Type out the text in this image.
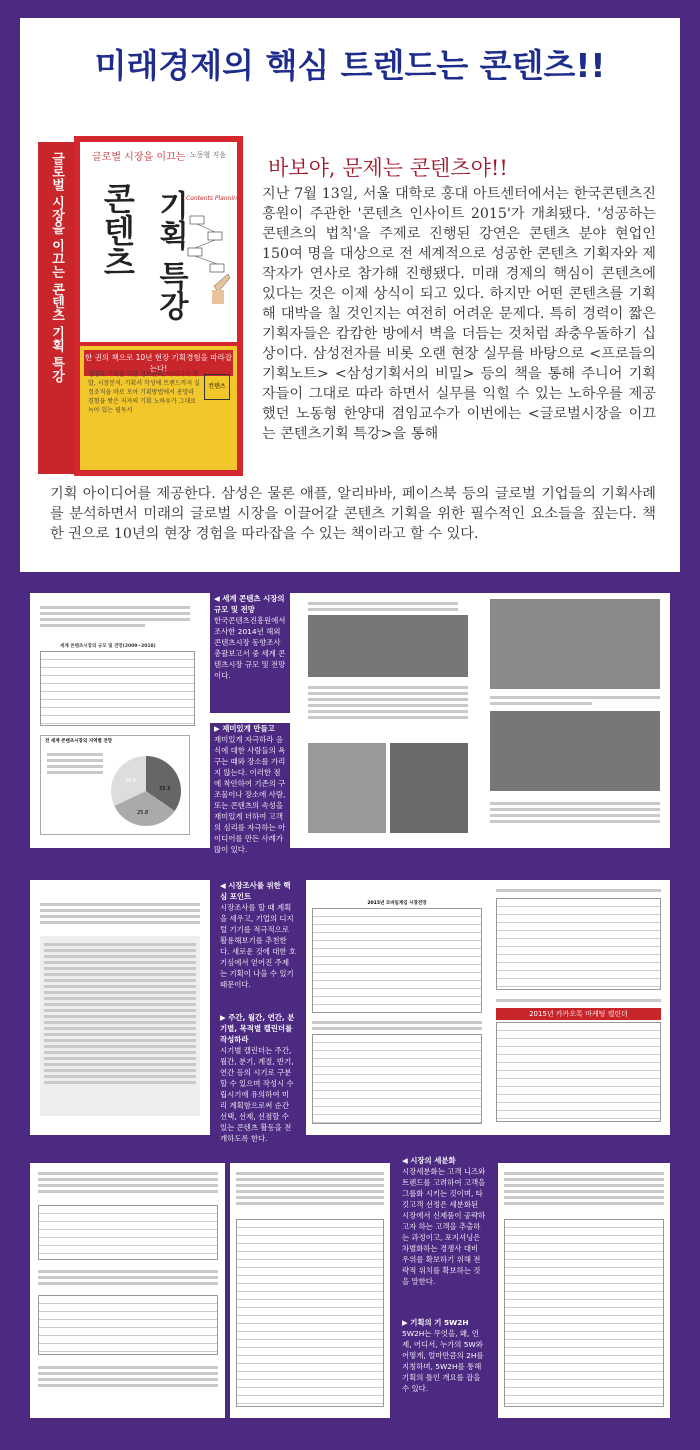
미래경제의 핵심 트렌드는 콘텐츠!!
글로벌 시장을 이끄는 콘텐츠 기획 특강	글로벌 시장을 이끄는 노동형 지음
콘텐츠 기획 특강
Contents Planning
한 권의 책으로 10년 현장 기획경험을 따라잡는다!
경영과 기획을 위한 정보관리, 아이디어 개발, 시장분석, 기획서 작성에 트렌드까지 실정조직을 바로 모아 기획방법에서 총망라 경험을 쌓은 저자의 기획 노하우가 그대로 녹아 있는 필독서
컨텐츠
바보야, 문제는 콘텐츠야!!
지난 7월 13일, 서울 대학로 홍대 아트센터에서는 한국콘텐츠진흥원이 주관한 '콘텐츠 인사이트 2015'가 개최됐다. '성공하는 콘텐츠의 법칙'을 주제로 진행된 강연은 콘텐츠 분야 현업인 150여 명을 대상으로 전 세계적으로 성공한 콘텐츠 기획자와 제작자가 연사로 참가해 진행됐다. 미래 경제의 핵심이 콘텐츠에 있다는 것은 이제 상식이 되고 있다. 하지만 어떤 콘텐츠를 기획해 대박을 칠 것인지는 여전히 어려운 문제다. 특히 경력이 짧은 기획자들은 캄캄한 방에서 벽을 더듬는 것처럼 좌충우돌하기 십상이다. 삼성전자를 비롯 오랜 현장 실무를 바탕으로 <프로들의 기획노트> <삼성기획서의 비밀> 등의 책을 통해 주니어 기획자들이 그대로 따라 하면서 실무를 익힐 수 있는 노하우를 제공했던 노동형 한양대 겸임교수가 이번에는 <글로벌시장을 이끄는 콘텐츠기획 특강>을 통해
기획 아이디어를 제공한다. 삼성은 물론 애플, 알리바바, 페이스북 등의 글로벌 기업들의 기획사례를 분석하면서 미래의 글로벌 시장을 이끌어갈 콘텐츠 기획을 위한 필수적인 요소들을 짚는다. 책 한 권으로 10년의 현장 경험을 따라잡을 수 있는 책이라고 할 수 있다.
세계 콘텐츠시장의 규모 및 전망(2009~2018)
전 세계 콘텐츠시장의 지역별 전망
34.6
33.3
25.8
◀ 세계 콘텐츠 시장의 규모 및 전망
한국콘텐츠진흥원에서 조사한 2014년 해외 콘텐츠시장 동향조사 총괄보고서 중 세계 콘텐츠시장 규모 및 전망이다.
▶ 재미있게 만들고
재미있게 자극하라 음식에 대한 사람들의 욕구는 때와 장소를 가리지 않는다. 이러한 점에 착안하여 기존의 구조물이나 장소에 사람, 또는 콘텐츠의 속성을 재미있게 더하여 고객의 심리를 자극하는 아이디어를 만든 사례가 많이 있다.
◀ 시장조사를 위한 핵심 포인트
시장조사를 할 때 계획을 세우고, 기업의 디지털 기기를 적극적으로 활용해보기를 추천한다. 새로운 것에 대한 호기심에서 얻어진 주제는 기획이 나을 수 있기 때문이다.
▶ 주간, 월간, 연간, 분기별, 목적별 캘린더를 작성하라
시기별 캘린더는 주간, 월간, 분기, 계절, 반기, 연간 등의 시기로 구분할 수 있으며 작성시 수립시기에 유의하여 미리 계획함으로써 순간 선택, 선제, 선점할 수 있는 콘텐츠 활동을 전개하도록 한다.
2015년 모바일게임 시장전망
2015년 카카오톡 마케팅 캘린더
◀ 시장의 세분화
시장세분화는 고객 니즈와 트렌드를 고려하여 고객을 그룹화 시키는 것이며, 타깃고객 선정은 세분화된 시장에서 신제품이 공략하고자 하는 고객을 추출하는 과정이고, 포지셔닝은 차별화하는 경쟁사 대비 우위를 확보하기 위해 전략적 위치를 확보하는 것을 말한다.
▶ 기획의 기 5W2H
5W2H는 무엇을, 왜, 언제, 어디서, 누가의 5W와 어떻게, 얼마만큼의 2H를 지칭하며, 5W2H를 통해 기획의 틀인 개요를 잡을 수 있다.
